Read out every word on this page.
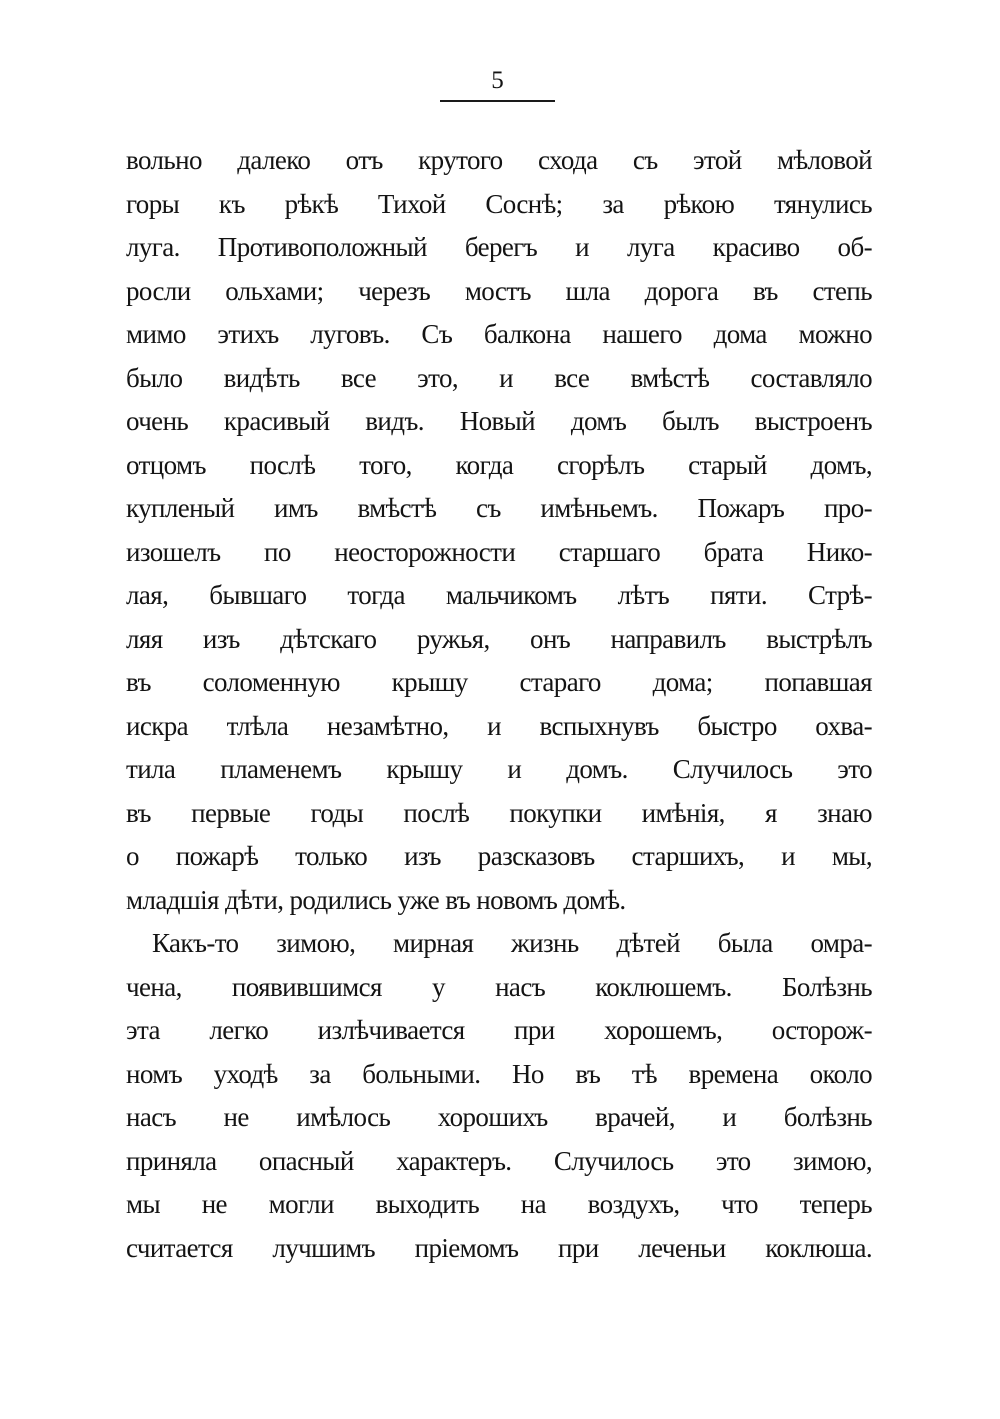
5
вольно далеко отъ крутого схода съ этой мѣловой
горы къ рѣкѣ Тихой Соснѣ; за рѣкою тянулись
луга. Противоположный берегъ и луга красиво об-
росли ольхами; черезъ мостъ шла дорога въ степь
мимо этихъ луговъ. Съ балкона нашего дома можно
было видѣть все это, и все вмѣстѣ составляло
очень красивый видъ. Новый домъ былъ выстроенъ
отцомъ послѣ того, когда сгорѣлъ старый домъ,
купленый имъ вмѣстѣ съ имѣньемъ. Пожаръ про-
изошелъ по неосторожности старшаго брата Нико-
лая, бывшаго тогда мальчикомъ лѣтъ пяти. Стрѣ-
ляя изъ дѣтскаго ружья, онъ направилъ выстрѣлъ
въ соломенную крышу стараго дома; попавшая
искра тлѣла незамѣтно, и вспыхнувъ быстро охва-
тила пламенемъ крышу и домъ. Случилось это
въ первые годы послѣ покупки имѣнія, я знаю
о пожарѣ только изъ разсказовъ старшихъ, и мы,
младшія дѣти, родились уже въ новомъ домѣ.
Какъ-то зимою, мирная жизнь дѣтей была омра-
чена, появившимся у насъ коклюшемъ. Болѣзнь
эта легко излѣчивается при хорошемъ, осторож-
номъ уходѣ за больными. Но въ тѣ времена около
насъ не имѣлось хорошихъ врачей, и болѣзнь
приняла опасный характеръ. Случилось это зимою,
мы не могли выходить на воздухъ, что теперь
считается лучшимъ пріемомъ при леченьи коклюша.
